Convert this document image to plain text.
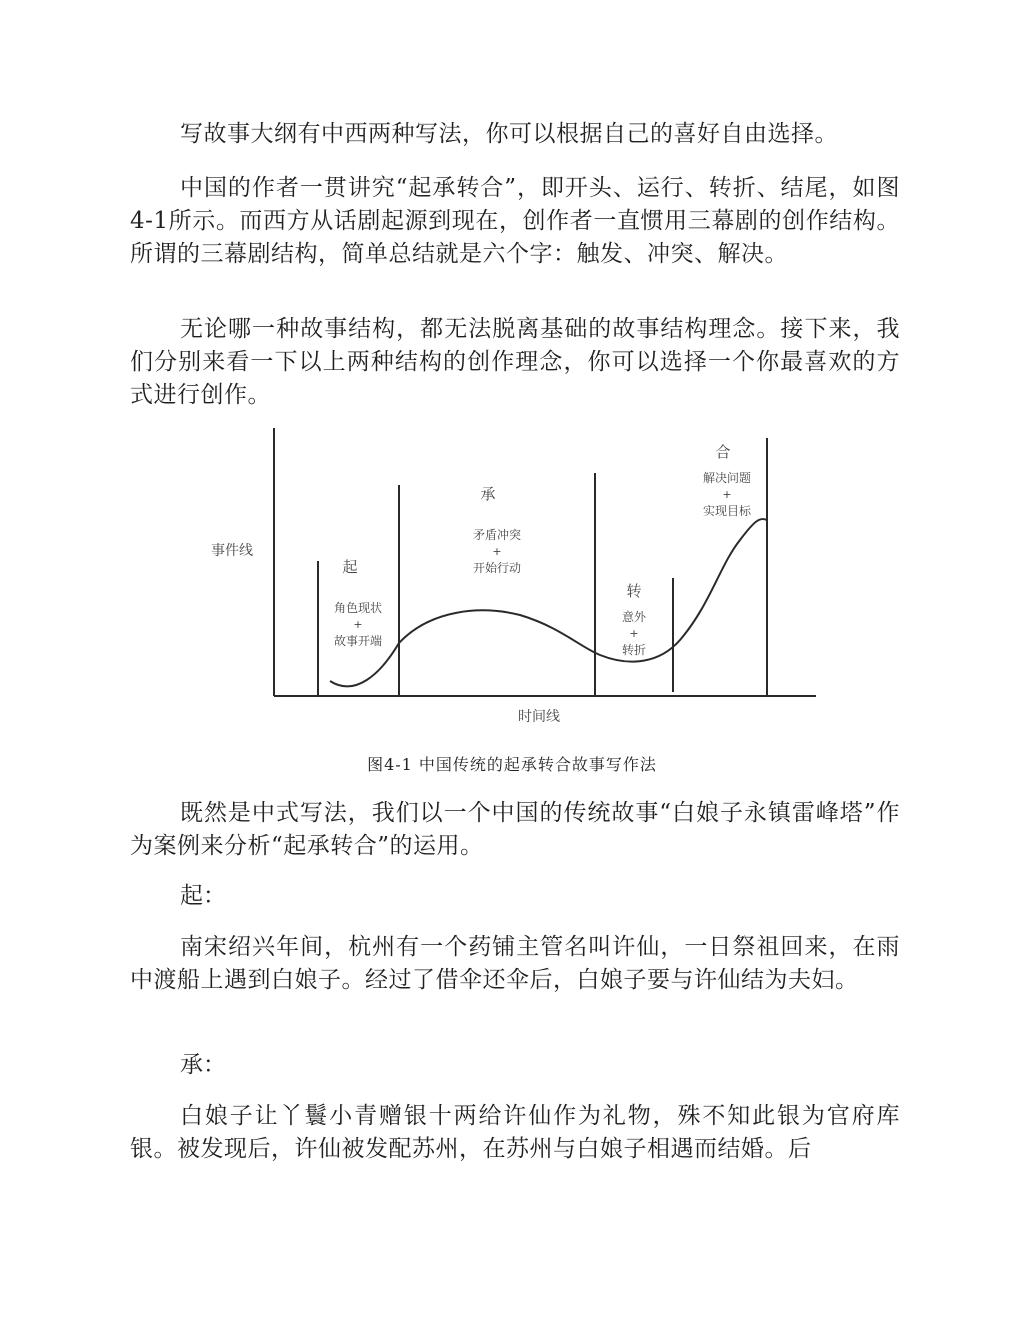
写故事大纲有中西两种写法，你可以根据自己的喜好自由选择。

中国的作者一贯讲究“起承转合”，即开头、运行、转折、结尾，如图4-1所示。而西方从话剧起源到现在，创作者一直惯用三幕剧的创作结构。所谓的三幕剧结构，简单总结就是六个字：触发、冲突、解决。

无论哪一种故事结构，都无法脱离基础的故事结构理念。接下来，我们分别来看一下以上两种结构的创作理念，你可以选择一个你最喜欢的方式进行创作。

事件线
时间线
起
角色现状
+
故事开端
承
矛盾冲突
+
开始行动
转
意外
+
转折
合
解决问题
+
实现目标
图4-1 中国传统的起承转合故事写作法

既然是中式写法，我们以一个中国的传统故事“白娘子永镇雷峰塔”作为案例来分析“起承转合”的运用。

起：

南宋绍兴年间，杭州有一个药铺主管名叫许仙，一日祭祖回来，在雨中渡船上遇到白娘子。经过了借伞还伞后，白娘子要与许仙结为夫妇。

承：

白娘子让丫鬟小青赠银十两给许仙作为礼物，殊不知此银为官府库银。被发现后，许仙被发配苏州，在苏州与白娘子相遇而结婚。后
